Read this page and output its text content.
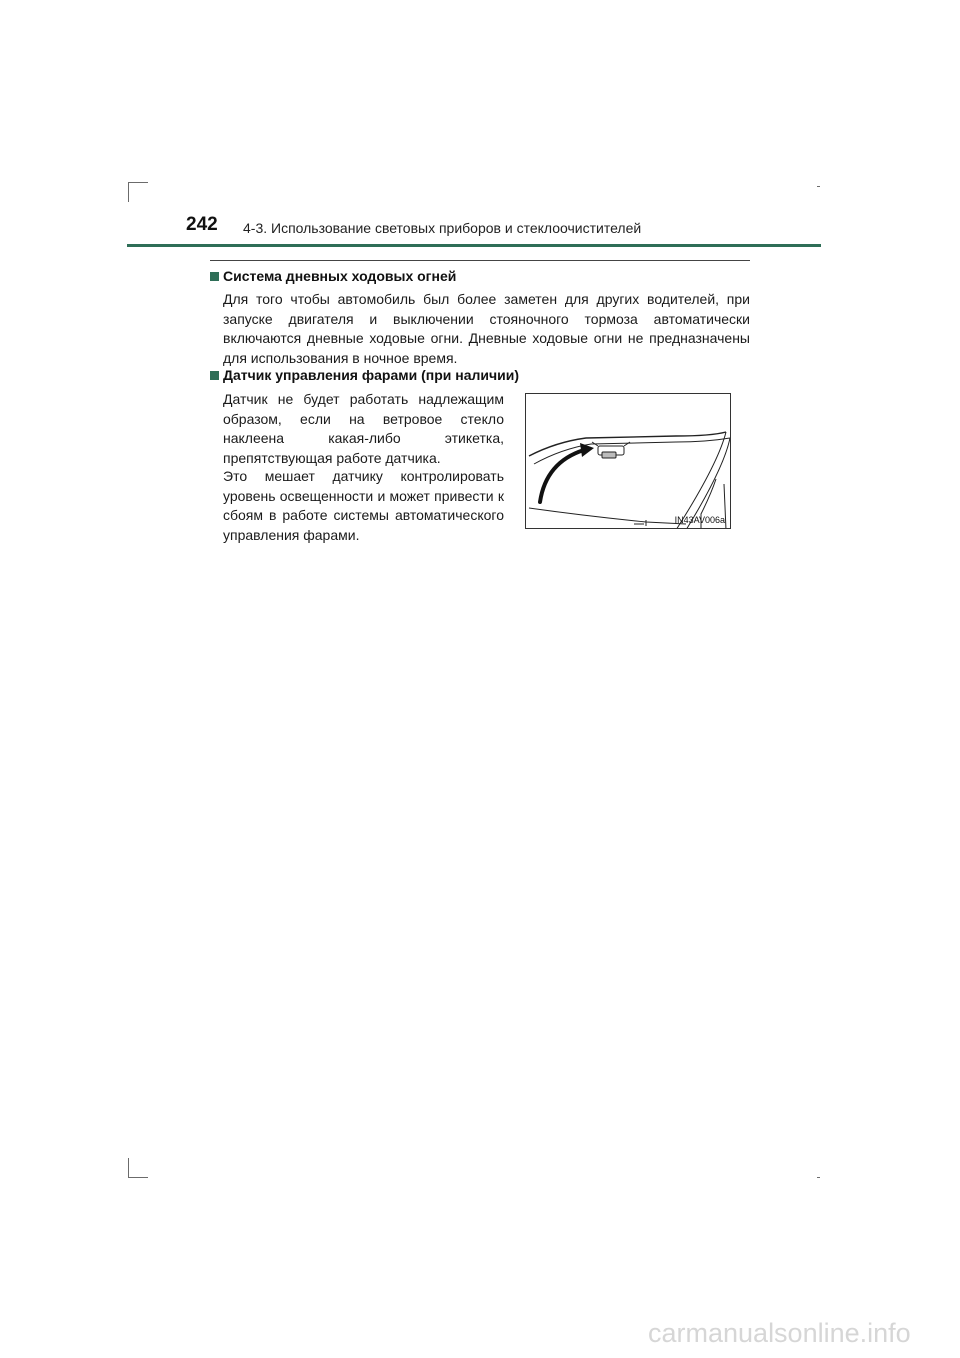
242 4-3. Использование световых приборов и стеклоочистителей
Система дневных ходовых огней
Для того чтобы автомобиль был более заметен для других водителей, при запуске двигателя и выключении стояночного тормоза автоматически включаются дневные ходовые огни. Дневные ходовые огни не предназначены для использования в ночное время.
Датчик управления фарами (при наличии)
Датчик не будет работать надлежащим образом, если на ветровое стекло наклеена какая-либо этикетка, препятствующая работе датчика.
Это мешает датчику контролировать уровень освещенности и может привести к сбоям в работе системы автоматического управления фарами.
IN43AV006a
carmanualsonline.info
